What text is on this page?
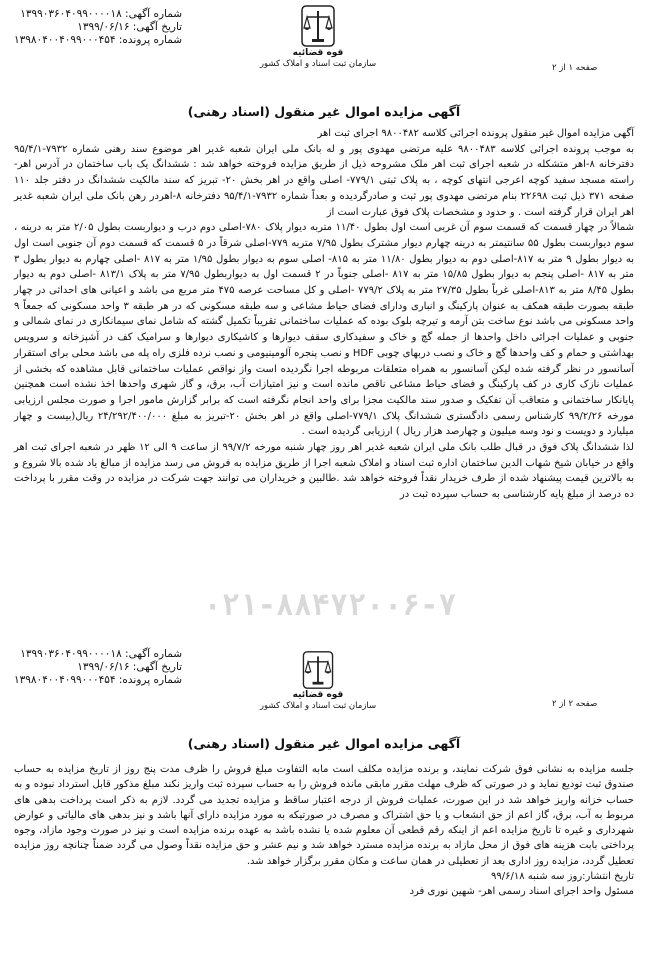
شماره آگهی: ۱۳۹۹۰۳۶۰۴۰۹۹۰۰۰۰۱۸
تاریخ آگهی: ۱۳۹۹/۰۶/۱۶
شماره پرونده: ۱۳۹۸۰۴۰۰۴۰۹۹۰۰۰۴۵۴
قوه قضائیه
سازمان ثبت اسناد و املاک کشور	صفحه ۱ از ۲
آگهی مزایده اموال غیر منقول (اسناد رهنی)

آگهی مزایده اموال غیر منقول پرونده اجرائی کلاسه ۹۸۰۰۴۸۲ اجرای ثبت اهر

به موجب پرونده اجرائی کلاسه ۹۸۰۰۴۸۳ علیه مرتضی مهدوی پور و له بانک ملی ایران شعبه غدیر اهر موضوع سند رهنی شماره ۷۹۳۲-۹۵/۴/۱ دفترخانه ۸-اهر متشکله در شعبه اجرای ثبت اهر ملک مشروحه ذیل از طریق مزایده فروخته خواهد شد : ششدانگ یک باب ساختمان در آدرس اهر- راسته مسجد سفید کوچه اعرجی انتهای کوچه ، به پلاک ثبتی ۷۷۹/۱- اصلی واقع در اهر بخش ۲۰- تبریز که سند مالکیت ششدانگ در دفتر جلد ۱۱۰ صفحه ۳۷۱ ذیل ثبت ۲۲۶۹۸ بنام مرتضی مهدوی پور ثبت و صادرگردیده و بعداً شماره ۷۹۳۲-۹۵/۴/۱ دفترخانه ۸-اهردر رهن بانک ملی ایران شعبه غدیر اهر ایران قرار گرفته است . و حدود و مشخصات پلاک فوق عبارت است از

شمالاً در چهار قسمت که قسمت سوم آن غربی است اول بطول ۱۱/۴۰ متربه دیوار پلاک ۷۸۰-اصلی دوم درب و دیواربست بطول ۲/۰۵ متر به درینه ، سوم دیواربست بطول ۵۵ سانتیمتر به درینه چهارم دیوار مشترک بطول ۷/۹۵ متربه ۷۷۹-اصلی شرقاً در ۵ قسمت که قسمت دوم آن جنوبی است اول به دیوار بطول ۹ متر به ۸۱۷-اصلی دوم به دیوار بطول ۱۱/۸۰ متر به ۸۱۵- اصلی سوم به دیوار بطول ۱/۹۵ متر به ۸۱۷ -اصلی چهارم به دیوار بطول ۳ متر به ۸۱۷ -اصلی پنجم به دیوار بطول ۱۵/۸۵ متر به ۸۱۷ -اصلی جنوباً در ۲ قسمت اول به دیواربطول ۷/۹۵ متر به پلاک ۸۱۳/۱ -اصلی دوم به دیوار بطول ۸/۴۵ متر به ۸۱۳-اصلی غرباً بطول ۲۷/۳۵ متر به پلاک ۷۷۹/۲ -اصلی و کل مساحت عرصه ۴۷۵ متر مربع می باشد و اعیانی های احداثی در چهار طبقه بصورت طبقه همکف به عنوان پارکینگ و انباری ودارای فضای حیاط مشاعی و سه طبقه مسکونی که در هر طبقه ۳ واحد مسکونی که جمعاً ۹ واحد مسکونی می باشد نوع ساخت بتن آرمه و تیرچه بلوک بوده که عملیات ساختمانی تقریباً تکمیل گشته که شامل نمای سیمانکاری در نمای شمالی و جنوبی و عملیات اجرائی داخل واحدها از جمله گچ و خاک و سفیدکاری سقف دیوارها و کاشیکاری دیوارها و سرامیک کف در آشپزخانه و سرویس بهداشتی و حمام و کف واحدها گچ و خاک و نصب دربهای چوبی HDF و نصب پنجره آلومینیومی و نصب نرده فلزی راه پله می باشد محلی برای استقرار آسانسور در نظر گرفته شده لیکن آسانسور به همراه متعلقات مربوطه اجرا نگردیده است واز نواقص عملیات ساختمانی قابل مشاهده که بخشی از عملیات نازک کاری در کف پارکینگ و فضای حیاط مشاعی ناقص مانده است و نیز امتیازات آب، برق، و گاز شهری واحدها اخذ نشده است همچنین پایانکار ساختمانی و متعاقب آن تفکیک و صدور سند مالکیت مجزا برای واحد انجام نگرفته است که برابر گزارش مامور اجرا و صورت مجلس ارزیابی مورخه ۹۹/۲/۲۶ کارشناس رسمی دادگستری ششدانگ پلاک ۷۷۹/۱-اصلی واقع در اهر بخش ۲۰-تبریز به مبلغ ۲۴/۲۹۲/۴۰۰/۰۰۰ ریال(بیست و چهار میلیارد و دویست و نود وسه میلیون و چهارصد هزار ریال ) ارزیابی گردیده است .

لذا ششدانگ پلاک فوق در قبال طلب بانک ملی ایران شعبه غدیر اهر روز چهار شنبه مورخه ۹۹/۷/۲ از ساعت ۹ الی ۱۲ ظهر در شعبه اجرای ثبت اهر واقع در خیابان شیخ شهاب الدین ساختمان اداره ثبت اسناد و املاک شعبه اجرا از طریق مزایده به فروش می رسد مزایده از مبالغ یاد شده بالا شروع و به بالاترین قیمت پیشنهاد شده از طرف خریدار نقداً فروخته خواهد شد .طالبین و خریداران می توانند جهت شرکت در مزایده در وقت مقرر با پرداخت ده درصد از مبلغ پایه کارشناسی به حساب سپرده ثبت در

۰۲۱-۸۸۴۷۲۰۰۶-۷
شماره آگهی: ۱۳۹۹۰۳۶۰۴۰۹۹۰۰۰۰۱۸
تاریخ آگهی: ۱۳۹۹/۰۶/۱۶
شماره پرونده: ۱۳۹۸۰۴۰۰۴۰۹۹۰۰۰۴۵۴
قوه قضائیه
سازمان ثبت اسناد و املاک کشور	صفحه ۲ از ۲
آگهی مزایده اموال غیر منقول (اسناد رهنی)

جلسه مزایده به نشانی فوق شرکت نمایند، و برنده مزایده مکلف است مابه التفاوت مبلغ فروش را ظرف مدت پنج روز از تاریخ مزایده به حساب صندوق ثبت تودیع نماید و در صورتی که ظرف مهلت مقرر مابقی مانده فروش را به حساب سپرده ثبت واریز نکند مبلغ مذکور قابل استرداد نبوده و به حساب خزانه واریز خواهد شد در این صورت، عملیات فروش از درجه اعتبار ساقط و مزایده تجدید می گردد. لازم به ذکر است پرداخت بدهی های مربوط به آب، برق، گاز اعم از حق انشعاب و یا حق اشتراک و مصرف در صورتیکه به مورد مزایده دارای آنها باشد و نیز بدهی های مالیاتی و عوارض شهرداری و غیره تا تاریخ مزایده اعم از اینکه رقم قطعی آن معلوم شده یا نشده باشد به عهده برنده مزایده است و نیز در صورت وجود مازاد، وجوه پرداختی بابت هزینه های فوق از محل مازاد به برنده مزایده مسترد خواهد شد و نیم عشر و حق مزایده نقداً وصول می گردد ضمناً چنانچه روز مزایده تعطیل گردد، مزایده روز اداری بعد از تعطیلی در همان ساعت و مکان مقرر برگزار خواهد شد.

تاریخ انتشار:روز سه شنبه ۹۹/۶/۱۸

مسئول واحد اجرای اسناد رسمی اهر- شهین نوری فرد
